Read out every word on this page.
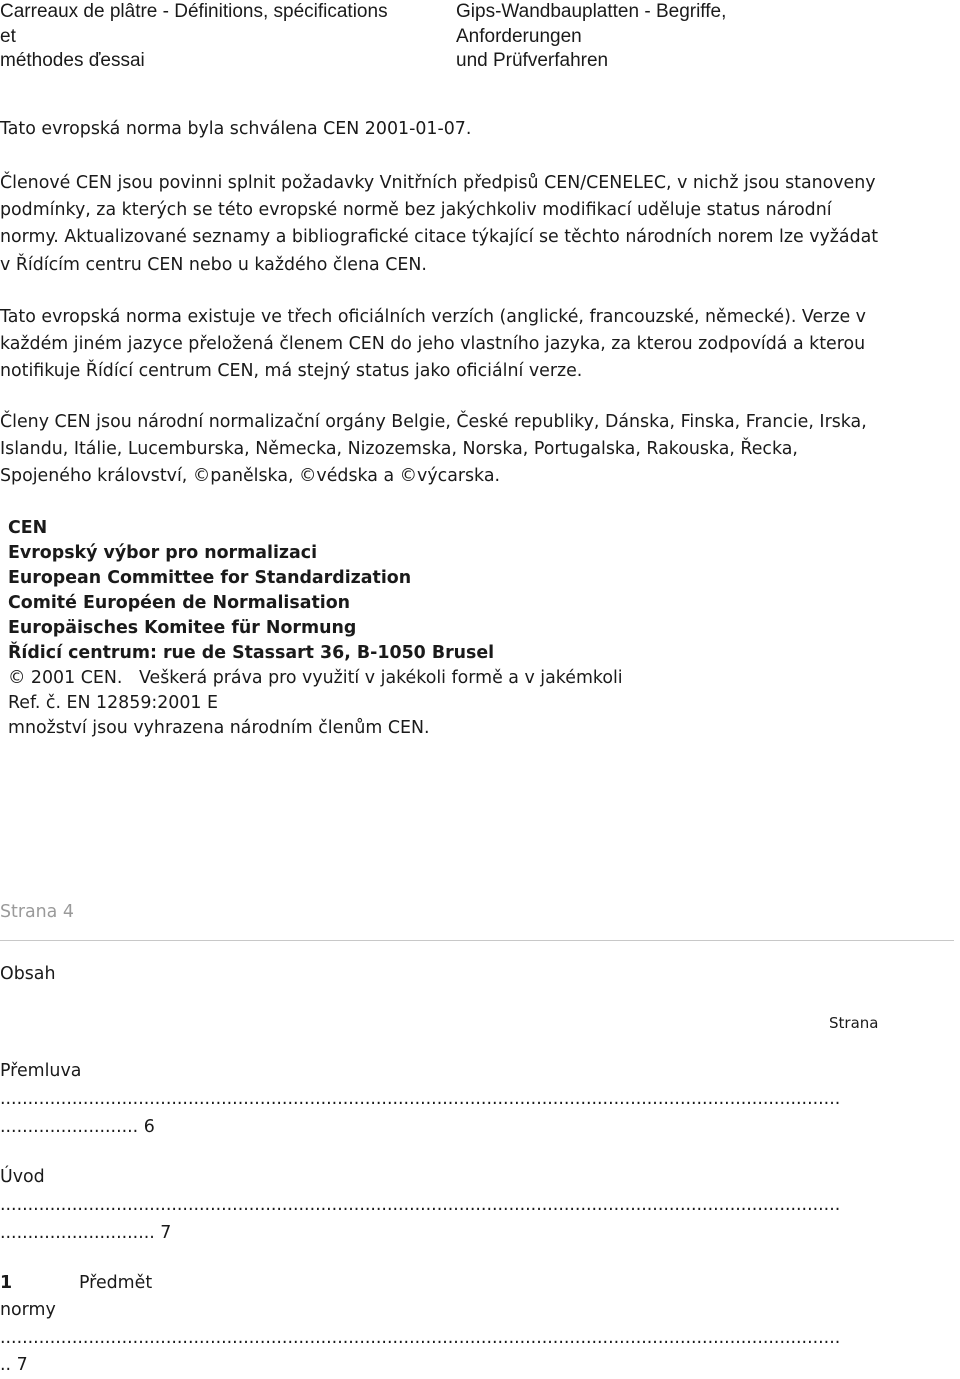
Carreaux de plâtre - Définitions, spécifications
et
méthodes ďessai
Gips-Wandbauplatten - Begriffe,
Anforderungen
und Prüfverfahren
Tato evropská norma byla schválena CEN 2001-01-07.
Členové CEN jsou povinni splnit požadavky Vnitřních předpisů CEN/CENELEC, v nichž jsou stanoveny
podmínky, za kterých se této evropské normě bez jakýchkoliv modifikací uděluje status národní
normy. Aktualizované seznamy a bibliografické citace týkající se těchto národních norem lze vyžádat
v Řídícím centru CEN nebo u každého člena CEN.
Tato evropská norma existuje ve třech oficiálních verzích (anglické, francouzské, německé). Verze v
každém jiném jazyce přeložená členem CEN do jeho vlastního jazyka, za kterou zodpovídá a kterou
notifikuje Řídící centrum CEN, má stejný status jako oficiální verze.
Členy CEN jsou národní normalizační orgány Belgie, České republiky, Dánska, Finska, Francie, Irska,
Islandu, Itálie, Lucemburska, Německa, Nizozemska, Norska, Portugalska, Rakouska, Řecka,
Spojeného království, ©panělska, ©védska a ©výcarska.
CEN
Evropský výbor pro normalizaci
European Committee for Standardization
Comité Européen de Normalisation
Europäisches Komitee für Normung
Řídicí centrum: rue de Stassart 36, B-1050 Brusel
© 2001 CEN.   Veškerá práva pro využití v jakékoli formě a v jakémkoli
Ref. č. EN 12859:2001 E
množství jsou vyhrazena národním členům CEN.
Strana 4
Obsah
Strana
Přemluva
........................................................................................................................................................
......................... 6
Úvod
........................................................................................................................................................
............................ 7
1	Předmět
normy
........................................................................................................................................................
.. 7
